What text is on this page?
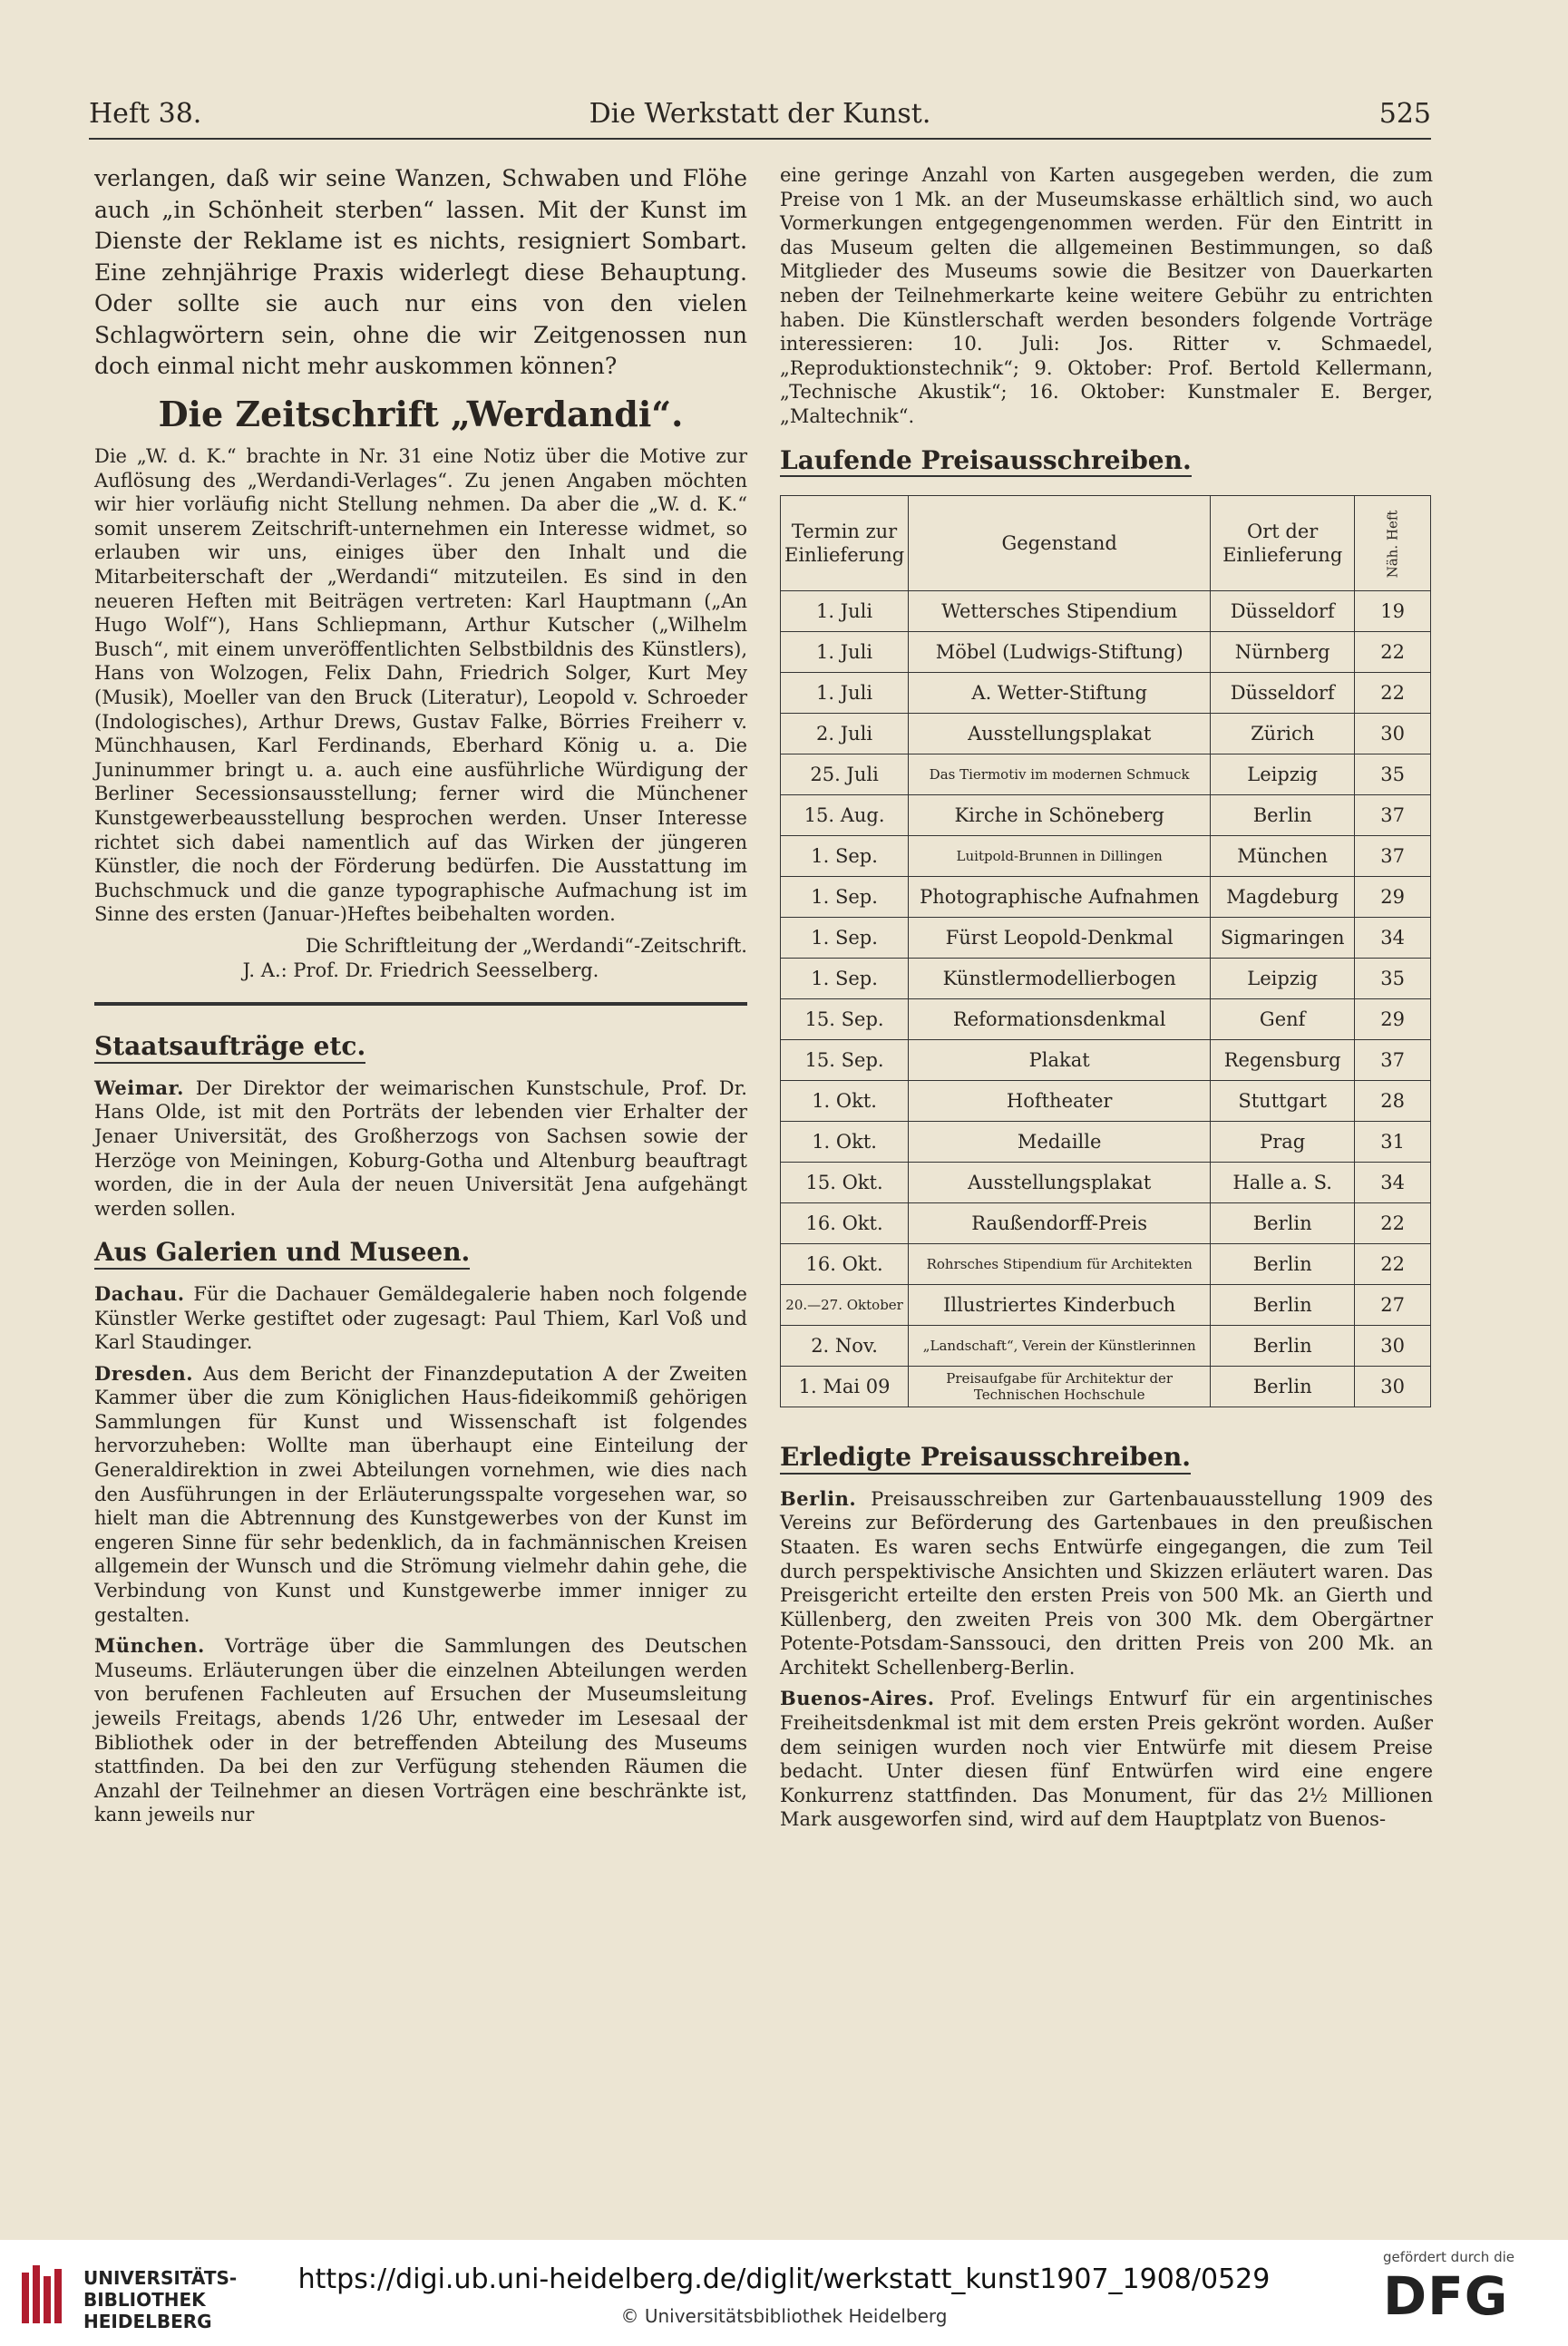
Heft 38.	Die Werkstatt der Kunst.	525

verlangen, daß wir seine Wanzen, Schwaben und Flöhe auch „in Schönheit sterben“ lassen. Mit der Kunst im Dienste der Reklame ist es nichts, resigniert Sombart. Eine zehnjährige Praxis widerlegt diese Behauptung. Oder sollte sie auch nur eins von den vielen Schlagwörtern sein, ohne die wir Zeitgenossen nun doch einmal nicht mehr auskommen können?

Die Zeitschrift „Werdandi“.

Die „W. d. K.“ brachte in Nr. 31 eine Notiz über die Motive zur Auflösung des „Werdandi-Verlages“. Zu jenen Angaben möchten wir hier vorläufig nicht Stellung nehmen. Da aber die „W. d. K.“ somit unserem Zeitschrift-unternehmen ein Interesse widmet, so erlauben wir uns, einiges über den Inhalt und die Mitarbeiterschaft der „Werdandi“ mitzuteilen. Es sind in den neueren Heften mit Beiträgen vertreten: Karl Hauptmann („An Hugo Wolf“), Hans Schliepmann, Arthur Kutscher („Wilhelm Busch“, mit einem unveröffentlichten Selbstbildnis des Künstlers), Hans von Wolzogen, Felix Dahn, Friedrich Solger, Kurt Mey (Musik), Moeller van den Bruck (Literatur), Leopold v. Schroeder (Indologisches), Arthur Drews, Gustav Falke, Börries Freiherr v. Münchhausen, Karl Ferdinands, Eberhard König u. a. Die Juninummer bringt u. a. auch eine ausführliche Würdigung der Berliner Secessionsausstellung; ferner wird die Münchener Kunstgewerbeausstellung besprochen werden. Unser Interesse richtet sich dabei namentlich auf das Wirken der jüngeren Künstler, die noch der Förderung bedürfen. Die Ausstattung im Buchschmuck und die ganze typographische Aufmachung ist im Sinne des ersten (Januar-)Heftes beibehalten worden.

Die Schriftleitung der „Werdandi“-Zeitschrift.
J. A.: Prof. Dr. Friedrich Seesselberg.
Staatsaufträge etc.

Weimar. Der Direktor der weimarischen Kunstschule, Prof. Dr. Hans Olde, ist mit den Porträts der lebenden vier Erhalter der Jenaer Universität, des Großherzogs von Sachsen sowie der Herzöge von Meiningen, Koburg-Gotha und Altenburg beauftragt worden, die in der Aula der neuen Universität Jena aufgehängt werden sollen.

Aus Galerien und Museen.

Dachau. Für die Dachauer Gemäldegalerie haben noch folgende Künstler Werke gestiftet oder zugesagt: Paul Thiem, Karl Voß und Karl Staudinger.

Dresden. Aus dem Bericht der Finanzdeputation A der Zweiten Kammer über die zum Königlichen Haus-fideikommiß gehörigen Sammlungen für Kunst und Wissenschaft ist folgendes hervorzuheben: Wollte man überhaupt eine Einteilung der Generaldirektion in zwei Abteilungen vornehmen, wie dies nach den Ausführungen in der Erläuterungsspalte vorgesehen war, so hielt man die Abtrennung des Kunstgewerbes von der Kunst im engeren Sinne für sehr bedenklich, da in fachmännischen Kreisen allgemein der Wunsch und die Strömung vielmehr dahin gehe, die Verbindung von Kunst und Kunstgewerbe immer inniger zu gestalten.

München. Vorträge über die Sammlungen des Deutschen Museums. Erläuterungen über die einzelnen Abteilungen werden von berufenen Fachleuten auf Ersuchen der Museumsleitung jeweils Freitags, abends 1/26 Uhr, entweder im Lesesaal der Bibliothek oder in der betreffenden Abteilung des Museums stattfinden. Da bei den zur Verfügung stehenden Räumen die Anzahl der Teilnehmer an diesen Vorträgen eine beschränkte ist, kann jeweils nur

eine geringe Anzahl von Karten ausgegeben werden, die zum Preise von 1 Mk. an der Museumskasse erhältlich sind, wo auch Vormerkungen entgegengenommen werden. Für den Eintritt in das Museum gelten die allgemeinen Bestimmungen, so daß Mitglieder des Museums sowie die Besitzer von Dauerkarten neben der Teilnehmerkarte keine weitere Gebühr zu entrichten haben. Die Künstlerschaft werden besonders folgende Vorträge interessieren: 10. Juli: Jos. Ritter v. Schmaedel, „Reproduktionstechnik“; 9. Oktober: Prof. Bertold Kellermann, „Technische Akustik“; 16. Oktober: Kunstmaler E. Berger, „Maltechnik“.

Laufende Preisausschreiben.
Termin zur Einlieferung	Gegenstand	Ort der Einlieferung	Näh. Heft
1. Juli	Wettersches Stipendium	Düsseldorf	19
1. Juli	Möbel (Ludwigs-Stiftung)	Nürnberg	22
1. Juli	A. Wetter-Stiftung	Düsseldorf	22
2. Juli	Ausstellungsplakat	Zürich	30
25. Juli	Das Tiermotiv im modernen Schmuck	Leipzig	35
15. Aug.	Kirche in Schöneberg	Berlin	37
1. Sep.	Luitpold-Brunnen in Dillingen	München	37
1. Sep.	Photographische Aufnahmen	Magdeburg	29
1. Sep.	Fürst Leopold-Denkmal	Sigmaringen	34
1. Sep.	Künstlermodellierbogen	Leipzig	35
15. Sep.	Reformationsdenkmal	Genf	29
15. Sep.	Plakat	Regensburg	37
1. Okt.	Hoftheater	Stuttgart	28
1. Okt.	Medaille	Prag	31
15. Okt.	Ausstellungsplakat	Halle a. S.	34
16. Okt.	Raußendorff-Preis	Berlin	22
16. Okt.	Rohrsches Stipendium für Architekten	Berlin	22
20.—27. Oktober	Illustriertes Kinderbuch	Berlin	27
2. Nov.	„Landschaft“, Verein der Künstlerinnen	Berlin	30
1. Mai 09	Preisaufgabe für Architektur der Technischen Hochschule	Berlin	30
Erledigte Preisausschreiben.

Berlin. Preisausschreiben zur Gartenbauausstellung 1909 des Vereins zur Beförderung des Gartenbaues in den preußischen Staaten. Es waren sechs Entwürfe eingegangen, die zum Teil durch perspektivische Ansichten und Skizzen erläutert waren. Das Preisgericht erteilte den ersten Preis von 500 Mk. an Gierth und Küllenberg, den zweiten Preis von 300 Mk. dem Obergärtner Potente-Potsdam-Sanssouci, den dritten Preis von 200 Mk. an Architekt Schellenberg-Berlin.

Buenos-Aires. Prof. Evelings Entwurf für ein argentinisches Freiheitsdenkmal ist mit dem ersten Preis gekrönt worden. Außer dem seinigen wurden noch vier Entwürfe mit diesem Preise bedacht. Unter diesen fünf Entwürfen wird eine engere Konkurrenz stattfinden. Das Monument, für das 2½ Millionen Mark ausgeworfen sind, wird auf dem Hauptplatz von Buenos-

UNIVERSITÄTS-
BIBLIOTHEK
HEIDELBERG
https://digi.ub.uni-heidelberg.de/diglit/werkstatt_kunst1907_1908/0529
© Universitätsbibliothek Heidelberg
gefördert durch die
DFG
